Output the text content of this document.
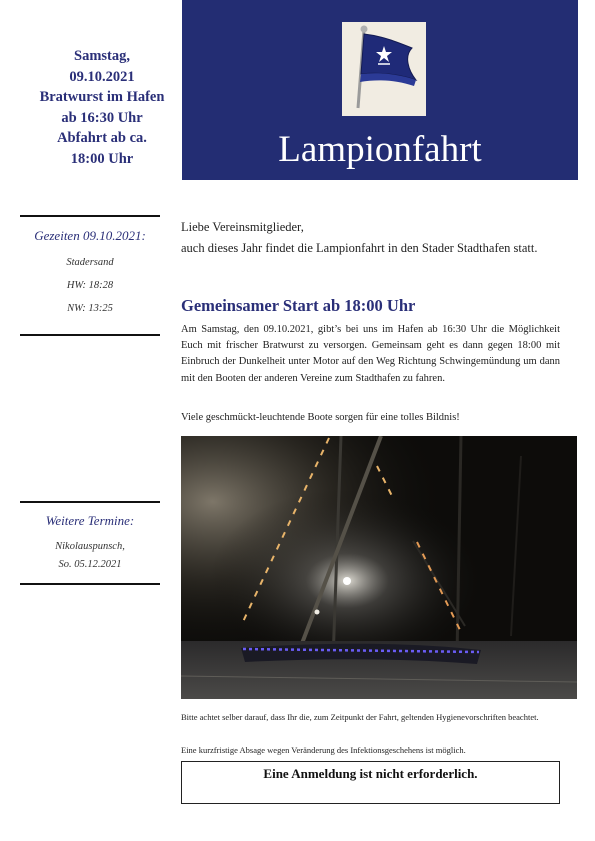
Samstag,
09.10.2021
Bratwurst im Hafen
ab 16:30 Uhr
Abfahrt ab ca.
18:00 Uhr
Gezeiten 09.10.2021:
Stadersand
HW: 18:28
NW: 13:25
Weitere Termine:
Nikolauspunsch,
So. 05.12.2021
Lampionfahrt

Liebe Vereinsmitglieder,

auch dieses Jahr findet die Lampionfahrt in den Stader Stadthafen statt.

Gemeinsamer Start ab 18:00 Uhr

Am Samstag, den 09.10.2021, gibt’s bei uns im Hafen ab 16:30 Uhr die Möglichkeit Euch mit frischer Bratwurst zu versorgen. Gemeinsam geht es dann gegen 18:00 mit Einbruch der Dunkelheit unter Motor auf den Weg Richtung Schwingemündung um dann mit den Booten der anderen Vereine zum Stadthafen zu fahren.

Viele geschmückt-leuchtende Boote sorgen für eine tolles Bildnis!

Bitte achtet selber darauf, dass Ihr die, zum Zeitpunkt der Fahrt, geltenden Hygienevorschriften beachtet.

Eine kurzfristige Absage wegen Veränderung des Infektionsgeschehens ist möglich.

Eine Anmeldung ist nicht erforderlich.
